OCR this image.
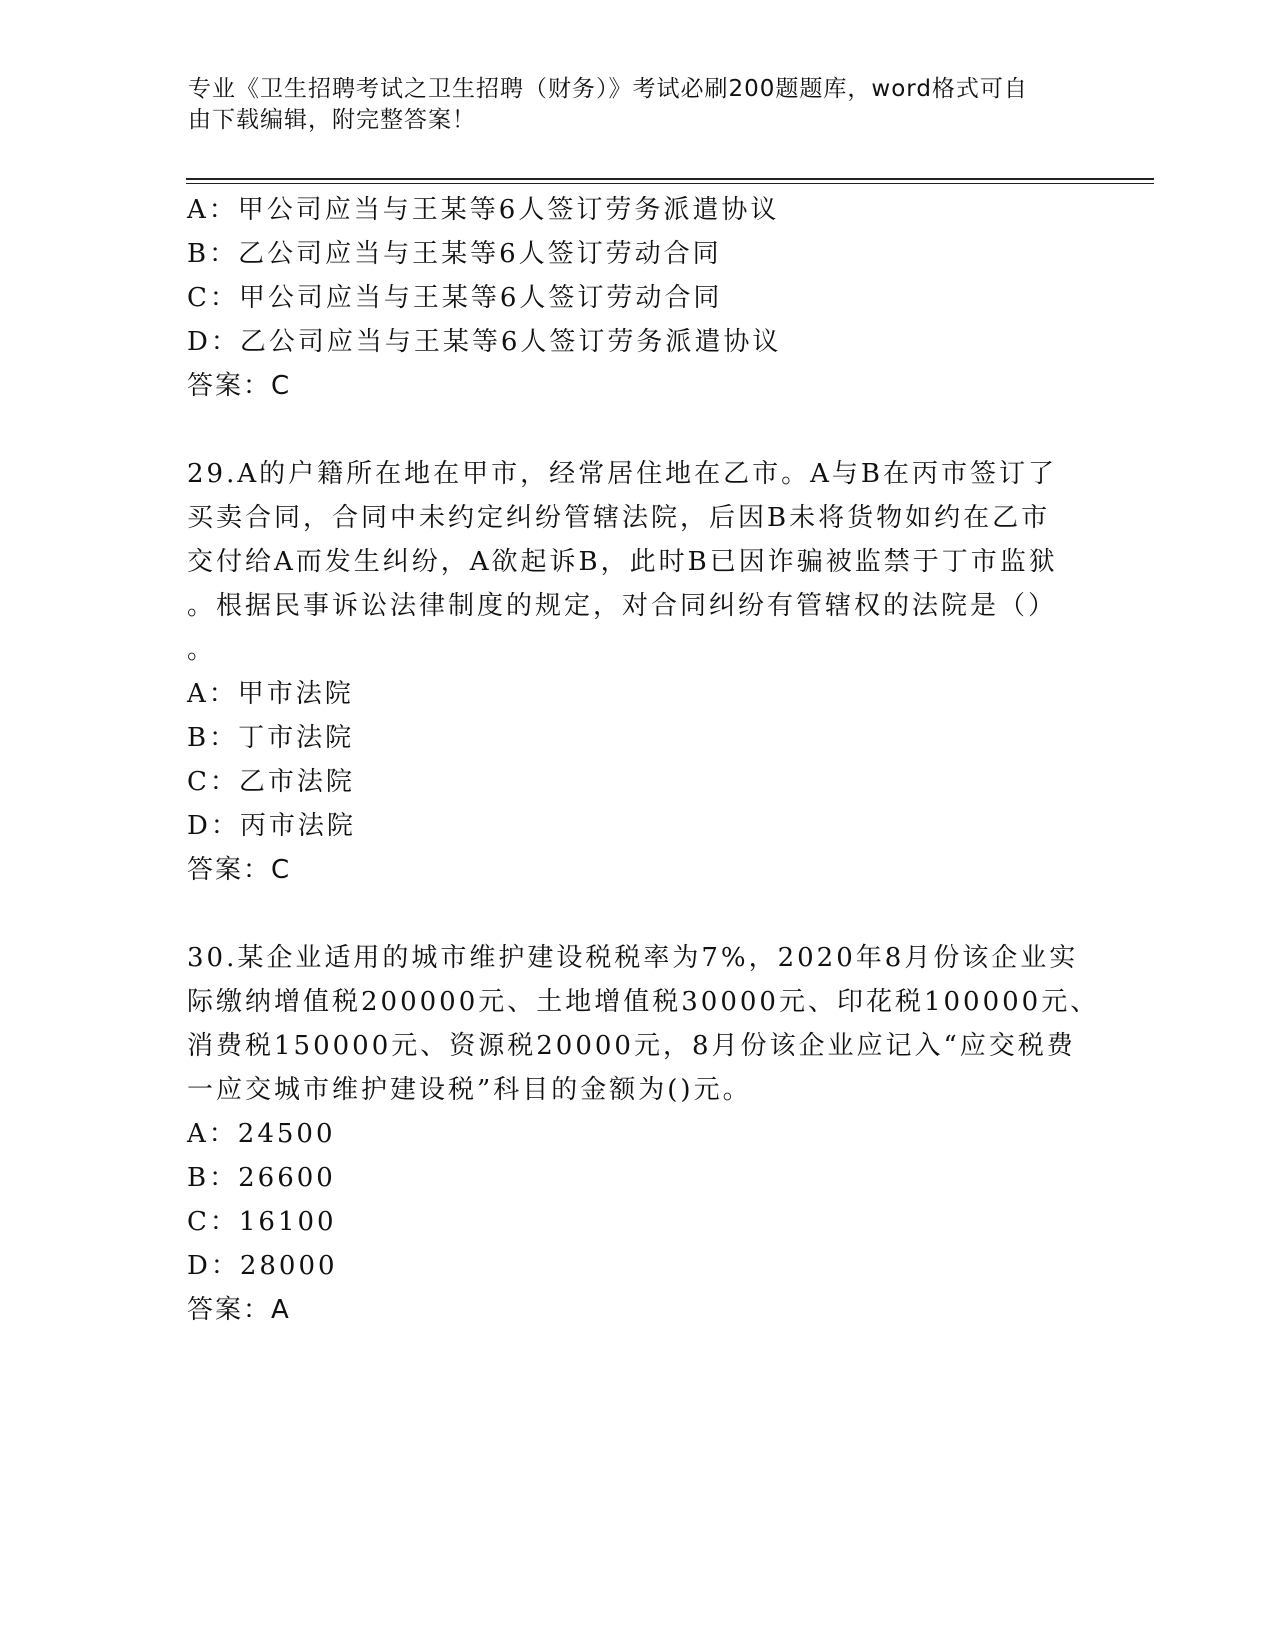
专业《卫生招聘考试之卫生招聘（财务）》考试必刷200题题库，word格式可自
由下载编辑，附完整答案！
A：甲公司应当与王某等6人签订劳务派遣协议
B：乙公司应当与王某等6人签订劳动合同
C：甲公司应当与王某等6人签订劳动合同
D：乙公司应当与王某等6人签订劳务派遣协议
答案：C
29.A的户籍所在地在甲市，经常居住地在乙市。A与B在丙市签订了
买卖合同，合同中未约定纠纷管辖法院，后因B未将货物如约在乙市
交付给A而发生纠纷，A欲起诉B，此时B已因诈骗被监禁于丁市监狱
。根据民事诉讼法律制度的规定，对合同纠纷有管辖权的法院是（）
。
A：甲市法院
B：丁市法院
C：乙市法院
D：丙市法院
答案：C
30.某企业适用的城市维护建设税税率为7%，2020年8月份该企业实
际缴纳增值税200000元、土地增值税30000元、印花税100000元、
消费税150000元、资源税20000元，8月份该企业应记入“应交税费
一应交城市维护建设税”科目的金额为()元。
A：24500
B：26600
C：16100
D：28000
答案：A
